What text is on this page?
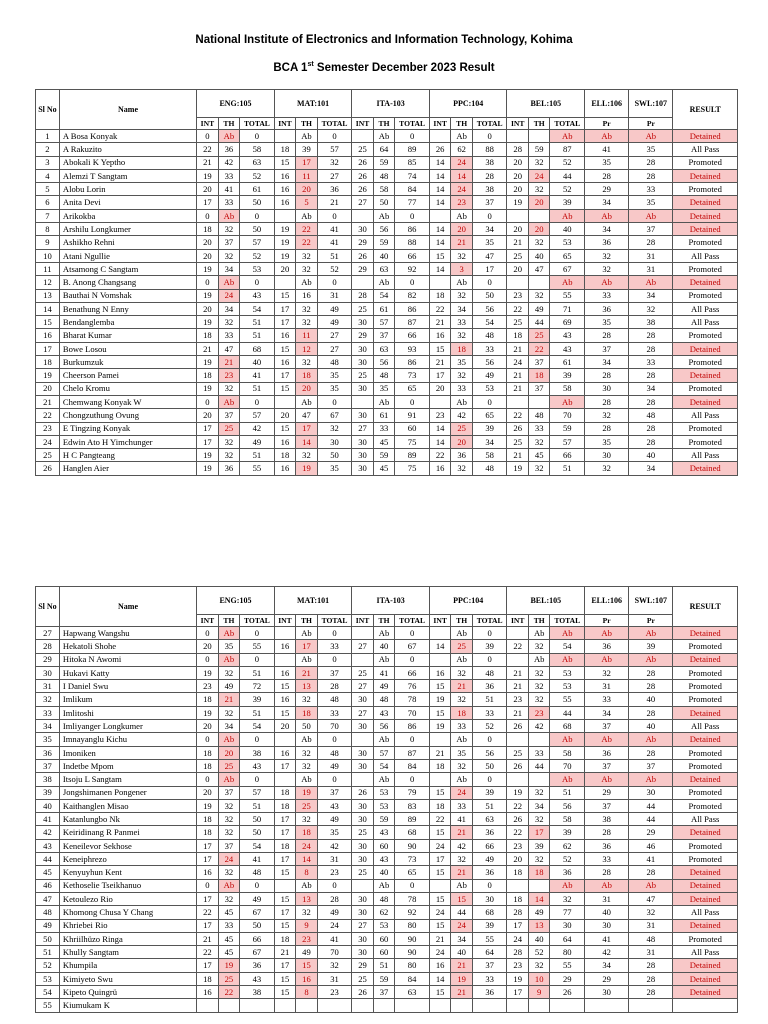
National Institute of Electronics and Information Technology, Kohima
BCA 1st Semester December 2023 Result
Sl No	Name	ENG:105			MAT:101			ITA-103			PPC:104			BEL:105			ELL:106	SWL:107	RESULT
		INT	TH	TOTAL	INT	TH	TOTAL	INT	TH	TOTAL	INT	TH	TOTAL	INT	TH	TOTAL	Pr	Pr	
1	A Bosa Konyak	0	Ab	0		Ab	0		Ab	0		Ab	0			Ab	Ab	Ab	Detained
2	A Rakuzito	22	36	58	18	39	57	25	64	89	26	62	88	28	59	87	41	35	All Pass
3	Abokali K Yeptho	21	42	63	15	17	32	26	59	85	14	24	38	20	32	52	35	28	Promoted
4	Alemzi T Sangtam	19	33	52	16	11	27	26	48	74	14	14	28	20	24	44	28	28	Detained
5	Alobu Lorin	20	41	61	16	20	36	26	58	84	14	24	38	20	32	52	29	33	Promoted
6	Anita Devi	17	33	50	16	5	21	27	50	77	14	23	37	19	20	39	34	35	Detained
7	Arikokba	0	Ab	0		Ab	0		Ab	0		Ab	0			Ab	Ab	Ab	Detained
8	Arshilu Longkumer	18	32	50	19	22	41	30	56	86	14	20	34	20	20	40	34	37	Detained
9	Ashikho Rehni	20	37	57	19	22	41	29	59	88	14	21	35	21	32	53	36	28	Promoted
10	Atani Ngullie	20	32	52	19	32	51	26	40	66	15	32	47	25	40	65	32	31	All Pass
11	Atsamong C Sangtam	19	34	53	20	32	52	29	63	92	14	3	17	20	47	67	32	31	Promoted
12	B. Anong Changsang	0	Ab	0		Ab	0		Ab	0		Ab	0			Ab	Ab	Ab	Detained
13	Bauthai N Vomshak	19	24	43	15	16	31	28	54	82	18	32	50	23	32	55	33	34	Promoted
14	Benathung N Enny	20	34	54	17	32	49	25	61	86	22	34	56	22	49	71	36	32	All Pass
15	Bendanglemba	19	32	51	17	32	49	30	57	87	21	33	54	25	44	69	35	38	All Pass
16	Bharat Kumar	18	33	51	16	11	27	29	37	66	16	32	48	18	25	43	28	28	Promoted
17	Bowe Losou	21	47	68	15	12	27	30	63	93	15	18	33	21	22	43	37	28	Detained
18	Burkumzuk	19	21	40	16	32	48	30	56	86	21	35	56	24	37	61	34	33	Promoted
19	Cheerson Pamei	18	23	41	17	18	35	25	48	73	17	32	49	21	18	39	28	28	Detained
20	Chelo Kromu	19	32	51	15	20	35	30	35	65	20	33	53	21	37	58	30	34	Promoted
21	Chemwang Konyak W	0	Ab	0		Ab	0		Ab	0		Ab	0			Ab	28	28	Detained
22	Chongzuthung Ovung	20	37	57	20	47	67	30	61	91	23	42	65	22	48	70	32	48	All Pass
23	E Tingzing Konyak	17	25	42	15	17	32	27	33	60	14	25	39	26	33	59	28	28	Promoted
24	Edwin Ato H Yimchunger	17	32	49	16	14	30	30	45	75	14	20	34	25	32	57	35	28	Promoted
25	H C Pangteang	19	32	51	18	32	50	30	59	89	22	36	58	21	45	66	30	40	All Pass
26	Hanglen Aier	19	36	55	16	19	35	30	45	75	16	32	48	19	32	51	32	34	Detained
Sl No	Name	ENG:105			MAT:101			ITA-103			PPC:104			BEL:105			ELL:106	SWL:107	RESULT
		INT	TH	TOTAL	INT	TH	TOTAL	INT	TH	TOTAL	INT	TH	TOTAL	INT	TH	TOTAL	Pr	Pr	
27	Hapwang Wangshu	0	Ab	0		Ab	0		Ab	0		Ab	0		Ab	Ab	Ab	Ab	Detained
28	Hekatoli Shohe	20	35	55	16	17	33	27	40	67	14	25	39	22	32	54	36	39	Promoted
29	Hitoka N Awomi	0	Ab	0		Ab	0		Ab	0		Ab	0		Ab	Ab	Ab	Ab	Detained
30	Hukavi Katty	19	32	51	16	21	37	25	41	66	16	32	48	21	32	53	32	28	Promoted
31	I Daniel Swu	23	49	72	15	13	28	27	49	76	15	21	36	21	32	53	31	28	Promoted
32	Imlikum	18	21	39	16	32	48	30	48	78	19	32	51	23	32	55	33	40	Promoted
33	Imlitoshi	19	32	51	15	18	33	27	43	70	15	18	33	21	23	44	34	28	Detained
34	Imliyanger Longkumer	20	34	54	20	50	70	30	56	86	19	33	52	26	42	68	37	40	All Pass
35	Imnayanglu Kichu	0	Ab	0		Ab	0		Ab	0		Ab	0			Ab	Ab	Ab	Detained
36	Imoniken	18	20	38	16	32	48	30	57	87	21	35	56	25	33	58	36	28	Promoted
37	Indetbe Mpom	18	25	43	17	32	49	30	54	84	18	32	50	26	44	70	37	37	Promoted
38	Itsoju L Sangtam	0	Ab	0		Ab	0		Ab	0		Ab	0			Ab	Ab	Ab	Detained
39	Jongshimanen Pongener	20	37	57	18	19	37	26	53	79	15	24	39	19	32	51	29	30	Promoted
40	Kaithanglen Misao	19	32	51	18	25	43	30	53	83	18	33	51	22	34	56	37	44	Promoted
41	Katanlungbo Nk	18	32	50	17	32	49	30	59	89	22	41	63	26	32	58	38	44	All Pass
42	Keiridinang R Panmei	18	32	50	17	18	35	25	43	68	15	21	36	22	17	39	28	29	Detained
43	Keneilevor Sekhose	17	37	54	18	24	42	30	60	90	24	42	66	23	39	62	36	46	Promoted
44	Keneiphrezo	17	24	41	17	14	31	30	43	73	17	32	49	20	32	52	33	41	Promoted
45	Kenyuyhun Kent	16	32	48	15	8	23	25	40	65	15	21	36	18	18	36	28	28	Detained
46	Kethoselie Tseikhanuo	0	Ab	0		Ab	0		Ab	0		Ab	0			Ab	Ab	Ab	Detained
47	Ketoulezo Rio	17	32	49	15	13	28	30	48	78	15	15	30	18	14	32	31	47	Detained
48	Khomong Chusa Y Chang	22	45	67	17	32	49	30	62	92	24	44	68	28	49	77	40	32	All Pass
49	Khriebei Rio	17	33	50	15	9	24	27	53	80	15	24	39	17	13	30	30	31	Detained
50	Khriilhüzo Ringa	21	45	66	18	23	41	30	60	90	21	34	55	24	40	64	41	48	Promoted
51	Khully Sangtam	22	45	67	21	49	70	30	60	90	24	40	64	28	52	80	42	31	All Pass
52	Khumpila	17	19	36	17	15	32	29	51	80	16	21	37	23	32	55	34	28	Detained
53	Kimiyeto Swu	18	25	43	15	16	31	25	59	84	14	19	33	19	10	29	29	28	Detained
54	Kipeto Quingrü	16	22	38	15	8	23	26	37	63	15	21	36	17	9	26	30	28	Detained
55	Kiumukam K																		
